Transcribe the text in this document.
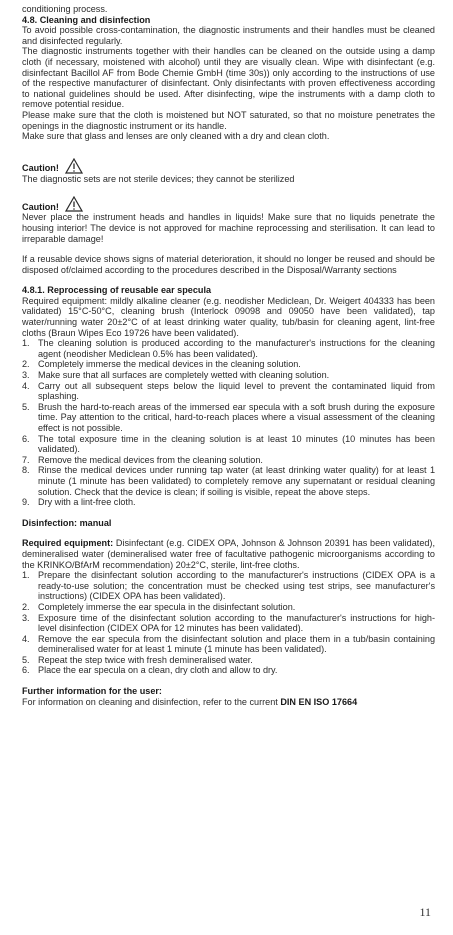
conditioning process.

4.8. Cleaning and disinfection

To avoid possible cross-contamination, the diagnostic instruments and their handles must be cleaned and disinfected regularly.

The diagnostic instruments together with their handles can be cleaned on the outside using a damp cloth (if necessary, moistened with alcohol) until they are visually clean. Wipe with disinfectant (e.g. disinfectant Bacillol AF from Bode Chemie GmbH (time 30s)) only according to the instructions of use of the respective manufacturer of disinfectant. Only disinfectants with proven effectiveness according to national guidelines should be used. After disinfecting, wipe the instruments with a damp cloth to remove potential residue.

Please make sure that the cloth is moistened but NOT saturated, so that no moisture penetrates the openings in the diagnostic instrument or its handle.

Make sure that glass and lenses are only cleaned with a dry and clean cloth.

Caution!

The diagnostic sets are not sterile devices; they cannot be sterilized

Caution!

Never place the instrument heads and handles in liquids! Make sure that no liquids penetrate the housing interior! The device is not approved for machine reprocessing and sterilisation. It can lead to irreparable damage!

If a reusable device shows signs of material deterioration, it should no longer be reused and should be disposed of/claimed according to the procedures described in the Disposal/Warranty sections

4.8.1. Reprocessing of reusable ear specula

Required equipment: mildly alkaline cleaner (e.g. neodisher Mediclean, Dr. Weigert 404333 has been validated) 15°C-50°C, cleaning brush (Interlock 09098 and 09050 have been validated), tap water/running water 20±2°C of at least drinking water quality, tub/basin for cleaning agent, lint-free cloths (Braun Wipes Eco 19726 have been validated).

1. The cleaning solution is produced according to the manufacturer's instructions for the cleaning agent (neodisher Mediclean 0.5% has been validated).
2. Completely immerse the medical devices in the cleaning solution.
3. Make sure that all surfaces are completely wetted with cleaning solution.
4. Carry out all subsequent steps below the liquid level to prevent the contaminated liquid from splashing.
5. Brush the hard-to-reach areas of the immersed ear specula with a soft brush during the exposure time. Pay attention to the critical, hard-to-reach places where a visual assessment of the cleaning effect is not possible.
6. The total exposure time in the cleaning solution is at least 10 minutes (10 minutes has been validated).
7. Remove the medical devices from the cleaning solution.
8. Rinse the medical devices under running tap water (at least drinking water quality) for at least 1 minute (1 minute has been validated) to completely remove any supernatant or residual cleaning solution. Check that the device is clean; if soiling is visible, repeat the above steps.
9. Dry with a lint-free cloth.
Disinfection: manual

Required equipment: Disinfectant (e.g. CIDEX OPA, Johnson & Johnson 20391 has been validated), demineralised water (demineralised water free of facultative pathogenic microorganisms according to the KRINKO/BfArM recommendation) 20±2°C, sterile, lint-free cloths.

1. Prepare the disinfectant solution according to the manufacturer's instructions (CIDEX OPA is a ready-to-use solution; the concentration must be checked using test strips, see manufacturer's instructions) (CIDEX OPA has been validated).
2. Completely immerse the ear specula in the disinfectant solution.
3. Exposure time of the disinfectant solution according to the manufacturer's instructions for high-level disinfection (CIDEX OPA for 12 minutes has been validated).
4. Remove the ear specula from the disinfectant solution and place them in a tub/basin containing demineralised water for at least 1 minute (1 minute has been validated).
5. Repeat the step twice with fresh demineralised water.
6. Place the ear specula on a clean, dry cloth and allow to dry.
Further information for the user:

For information on cleaning and disinfection, refer to the current DIN EN ISO 17664

11
